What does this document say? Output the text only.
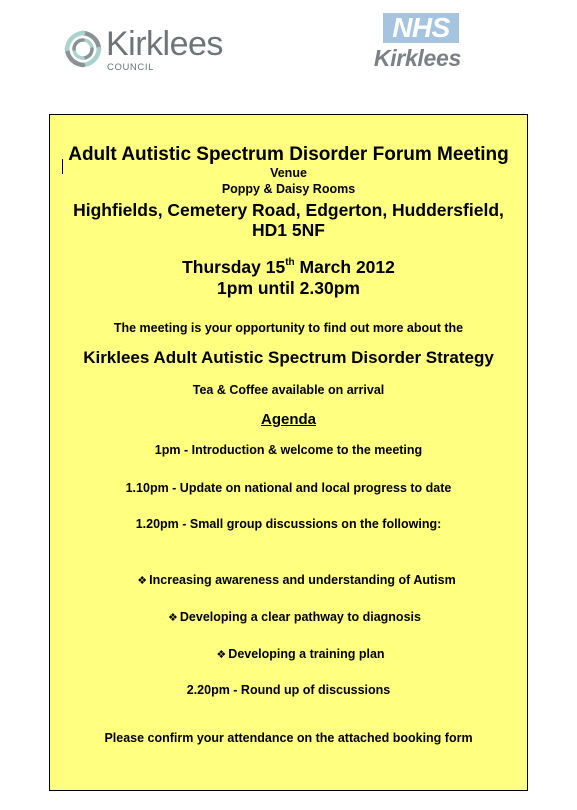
Kirklees
COUNCIL
NHS
Kirklees
Adult Autistic Spectrum Disorder Forum Meeting
Venue
Poppy & Daisy Rooms
Highfields, Cemetery Road, Edgerton, Huddersfield,
HD1 5NF
Thursday 15th March 2012
1pm until 2.30pm
The meeting is your opportunity to find out more about the
Kirklees Adult Autistic Spectrum Disorder Strategy
Tea & Coffee available on arrival
Agenda
1pm - Introduction & welcome to the meeting
1.10pm - Update on national and local progress to date
1.20pm - Small group discussions on the following:
❖ Increasing awareness and understanding of Autism
❖ Developing a clear pathway to diagnosis
❖ Developing a training plan
2.20pm - Round up of discussions
Please confirm your attendance on the attached booking form
